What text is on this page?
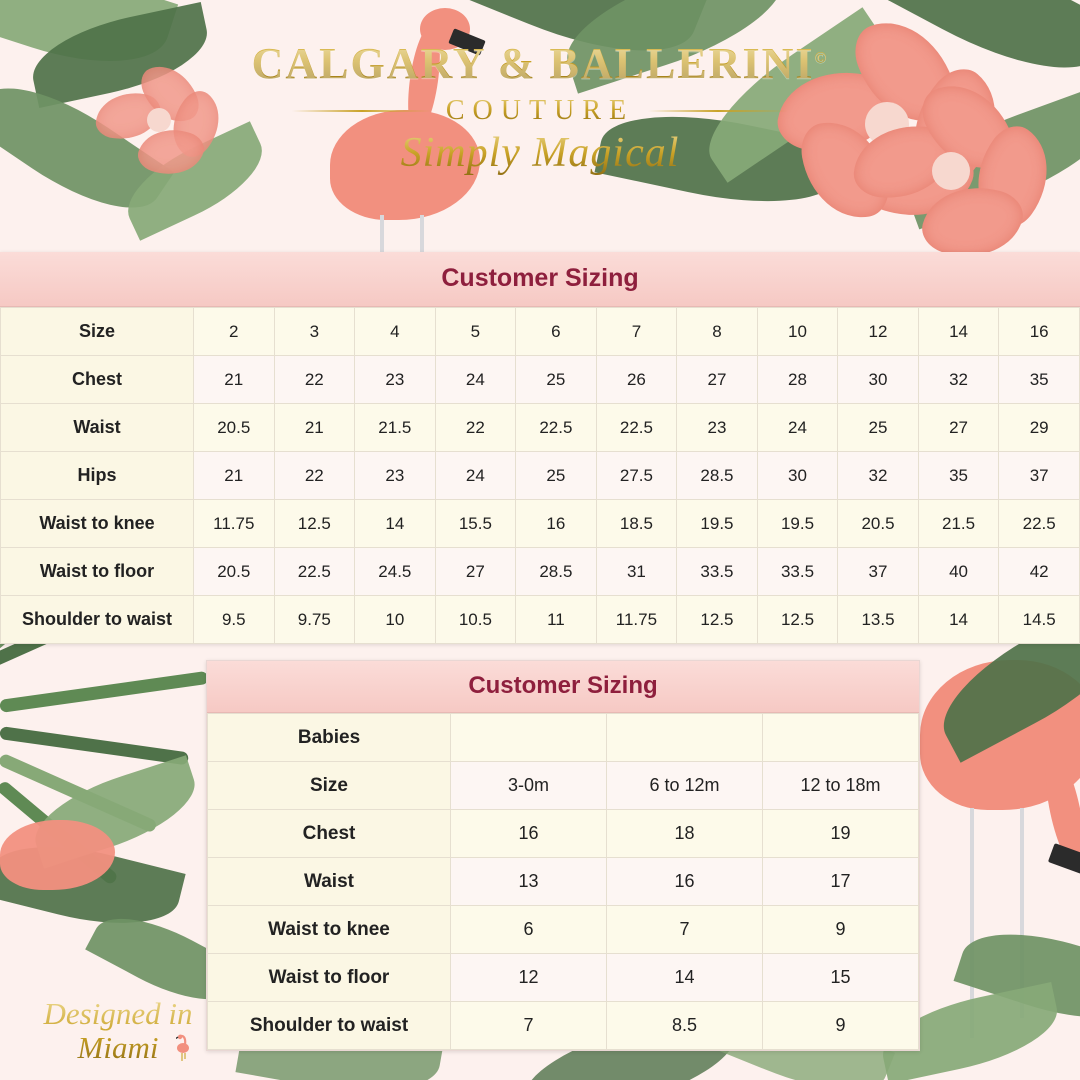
CALGARY & BALLERINI©
COUTURE
Simply Magical
Customer Sizing
Size	2	3	4	5	6	7	8	10	12	14	16
Chest	21	22	23	24	25	26	27	28	30	32	35
Waist	20.5	21	21.5	22	22.5	22.5	23	24	25	27	29
Hips	21	22	23	24	25	27.5	28.5	30	32	35	37
Waist to knee	11.75	12.5	14	15.5	16	18.5	19.5	19.5	20.5	21.5	22.5
Waist to floor	20.5	22.5	24.5	27	28.5	31	33.5	33.5	37	40	42
Shoulder to waist	9.5	9.75	10	10.5	11	11.75	12.5	12.5	13.5	14	14.5
Customer Sizing
Babies			
Size	3-0m	6 to 12m	12 to 18m
Chest	16	18	19
Waist	13	16	17
Waist to knee	6	7	9
Waist to floor	12	14	15
Shoulder to waist	7	8.5	9
Designed in
Miami
